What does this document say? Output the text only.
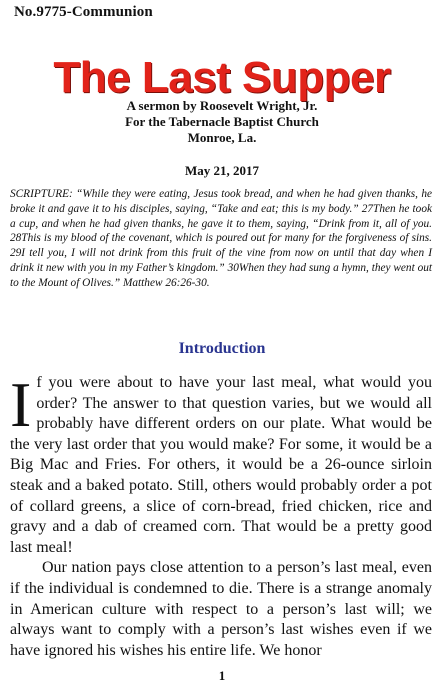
No.9775-Communion
The Last Supper
A sermon by Roosevelt Wright, Jr.
For the Tabernacle Baptist Church
Monroe, La.
May 21, 2017
SCRIPTURE: “While they were eating, Jesus took bread, and when he had given thanks, he broke it and gave it to his disciples, saying, “Take and eat; this is my body.” 27Then he took a cup, and when he had given thanks, he gave it to them, saying, “Drink from it, all of you. 28This is my blood of the covenant, which is poured out for many for the forgiveness of sins. 29I tell you, I will not drink from this fruit of the vine from now on until that day when I drink it new with you in my Father’s kingdom.” 30When they had sung a hymn, they went out to the Mount of Olives.” Matthew 26:26-30.
Introduction

If you were about to have your last meal, what would you order? The answer to that question varies, but we would all probably have different orders on our plate. What would be the very last order that you would make? For some, it would be a Big Mac and Fries. For others, it would be a 26-ounce sirloin steak and a baked potato. Still, others would probably order a pot of collard greens, a slice of corn-bread, fried chicken, rice and gravy and a dab of creamed corn. That would be a pretty good last meal!

Our nation pays close attention to a person’s last meal, even if the individual is condemned to die. There is a strange anomaly in American culture with respect to a person’s last will; we always want to comply with a person’s last wishes even if we have ignored his wishes his entire life. We honor

1
